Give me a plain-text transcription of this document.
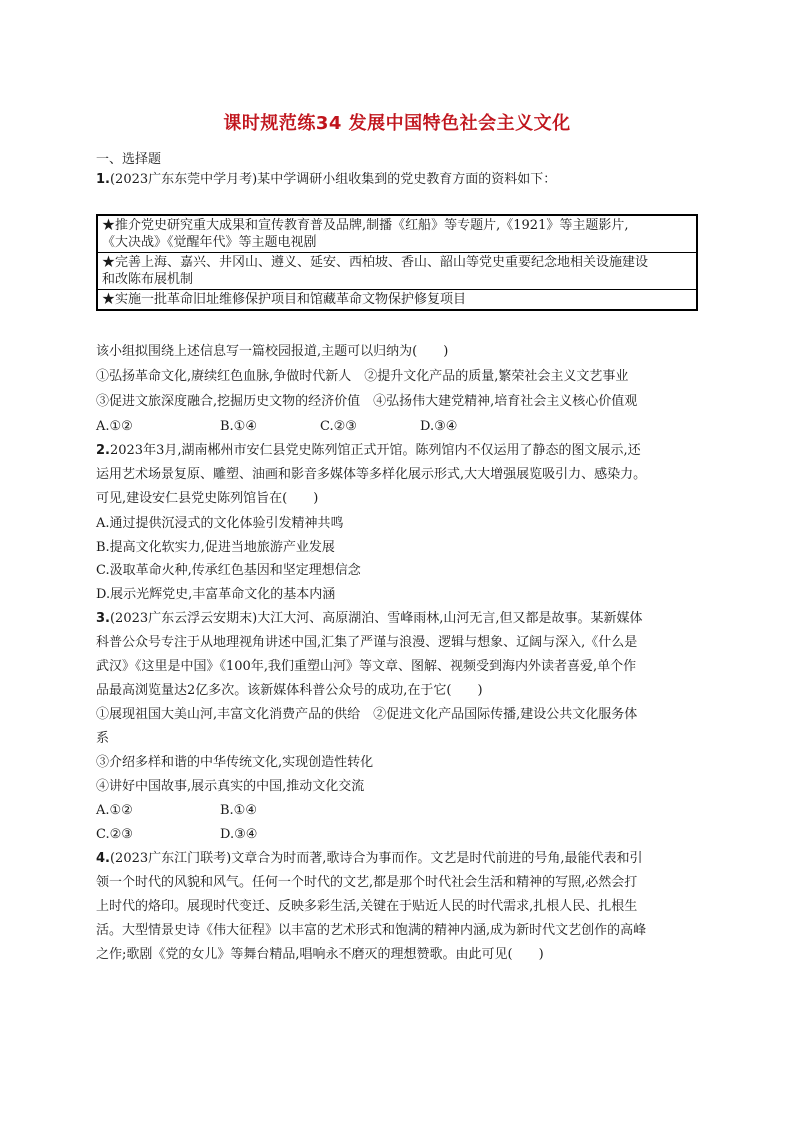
课时规范练34 发展中国特色社会主义文化
一、选择题
1.(2023广东东莞中学月考)某中学调研小组收集到的党史教育方面的资料如下：
★推介党史研究重大成果和宣传教育普及品牌,制播《红船》等专题片,《1921》等主题影片,
《大决战》《觉醒年代》等主题电视剧

★完善上海、嘉兴、井冈山、遵义、延安、西柏坡、香山、韶山等党史重要纪念地相关设施建设
和改陈布展机制

★实施一批革命旧址维修保护项目和馆藏革命文物保护修复项目
该小组拟围绕上述信息写一篇校园报道,主题可以归纳为(　　)
①弘扬革命文化,赓续红色血脉,争做时代新人　②提升文化产品的质量,繁荣社会主义文艺事业
③促进文旅深度融合,挖掘历史文物的经济价值　④弘扬伟大建党精神,培育社会主义核心价值观
A.①②	B.①④	C.②③	D.③④
2.2023年3月,湖南郴州市安仁县党史陈列馆正式开馆。陈列馆内不仅运用了静态的图文展示,还
运用艺术场景复原、雕塑、油画和影音多媒体等多样化展示形式,大大增强展览吸引力、感染力。
可见,建设安仁县党史陈列馆旨在(　　)
A.通过提供沉浸式的文化体验引发精神共鸣
B.提高文化软实力,促进当地旅游产业发展
C.汲取革命火种,传承红色基因和坚定理想信念
D.展示光辉党史,丰富革命文化的基本内涵
3.(2023广东云浮云安期末)大江大河、高原湖泊、雪峰雨林,山河无言,但又都是故事。某新媒体
科普公众号专注于从地理视角讲述中国,汇集了严谨与浪漫、逻辑与想象、辽阔与深入,《什么是
武汉》《这里是中国》《100年,我们重塑山河》等文章、图解、视频受到海内外读者喜爱,单个作
品最高浏览量达2亿多次。该新媒体科普公众号的成功,在于它(　　)
①展现祖国大美山河,丰富文化消费产品的供给　②促进文化产品国际传播,建设公共文化服务体
系
③介绍多样和谐的中华传统文化,实现创造性转化
④讲好中国故事,展示真实的中国,推动文化交流
A.①②	B.①④
C.②③	D.③④
4.(2023广东江门联考)文章合为时而著,歌诗合为事而作。文艺是时代前进的号角,最能代表和引
领一个时代的风貌和风气。任何一个时代的文艺,都是那个时代社会生活和精神的写照,必然会打
上时代的烙印。展现时代变迁、反映多彩生活,关键在于贴近人民的时代需求,扎根人民、扎根生
活。大型情景史诗《伟大征程》以丰富的艺术形式和饱满的精神内涵,成为新时代文艺创作的高峰
之作;歌剧《党的女儿》等舞台精品,唱响永不磨灭的理想赞歌。由此可见(　　)
